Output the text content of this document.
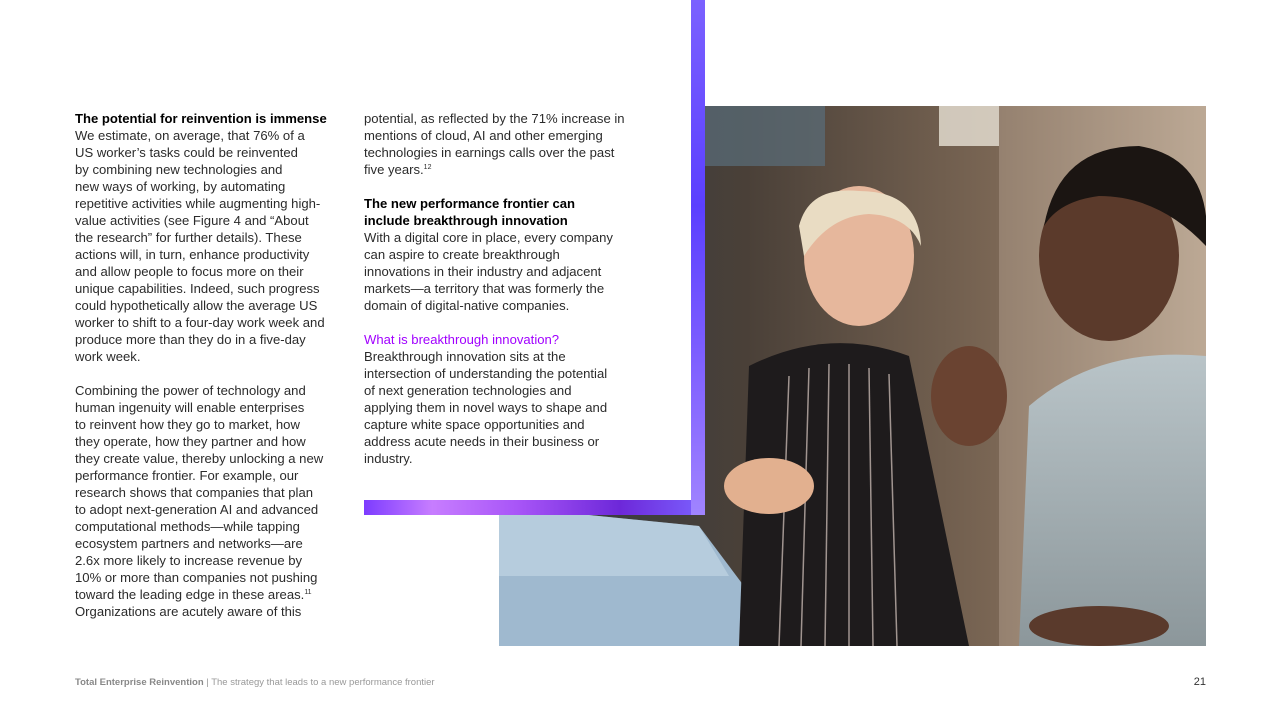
The potential for reinvention is immense

We estimate, on average, that 76% of a
US worker’s tasks could be reinvented
by combining new technologies and
new ways of working, by automating
repetitive activities while augmenting high-
value activities (see Figure 4 and “About
the research” for further details). These
actions will, in turn, enhance productivity
and allow people to focus more on their
unique capabilities. Indeed, such progress
could hypothetically allow the average US
worker to shift to a four-day work week and
produce more than they do in a five-day
work week.

Combining the power of technology and
human ingenuity will enable enterprises
to reinvent how they go to market, how
they operate, how they partner and how
they create value, thereby unlocking a new
performance frontier. For example, our
research shows that companies that plan
to adopt next-generation AI and advanced
computational methods—while tapping
ecosystem partners and networks—are
2.6x more likely to increase revenue by
10% or more than companies not pushing
toward the leading edge in these areas.$^{11}$
Organizations are acutely aware of this

potential, as reflected by the 71% increase in
mentions of cloud, AI and other emerging
technologies in earnings calls over the past
five years.$^{12}$

The new performance frontier can
include breakthrough innovation

With a digital core in place, every company
can aspire to create breakthrough
innovations in their industry and adjacent
markets—a territory that was formerly the
domain of digital-native companies.

What is breakthrough innovation?

Breakthrough innovation sits at the
intersection of understanding the potential
of next generation technologies and
applying them in novel ways to shape and
capture white space opportunities and
address acute needs in their business or
industry.

Total Enterprise Reinvention | The strategy that leads to a new performance frontier	21
